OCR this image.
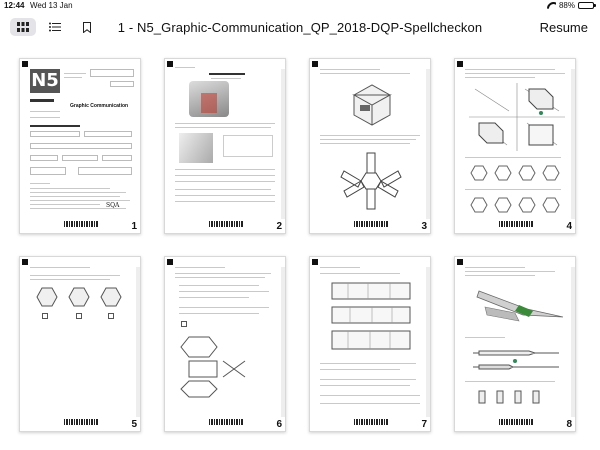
12:44 Wed 13 Jan	88%
1 - N5_Graphic-Communication_QP_2018-DQP-Spellcheckon	Resume
N5
Graphic Communication
SQA
1	2	3	4
5	6	7	8
